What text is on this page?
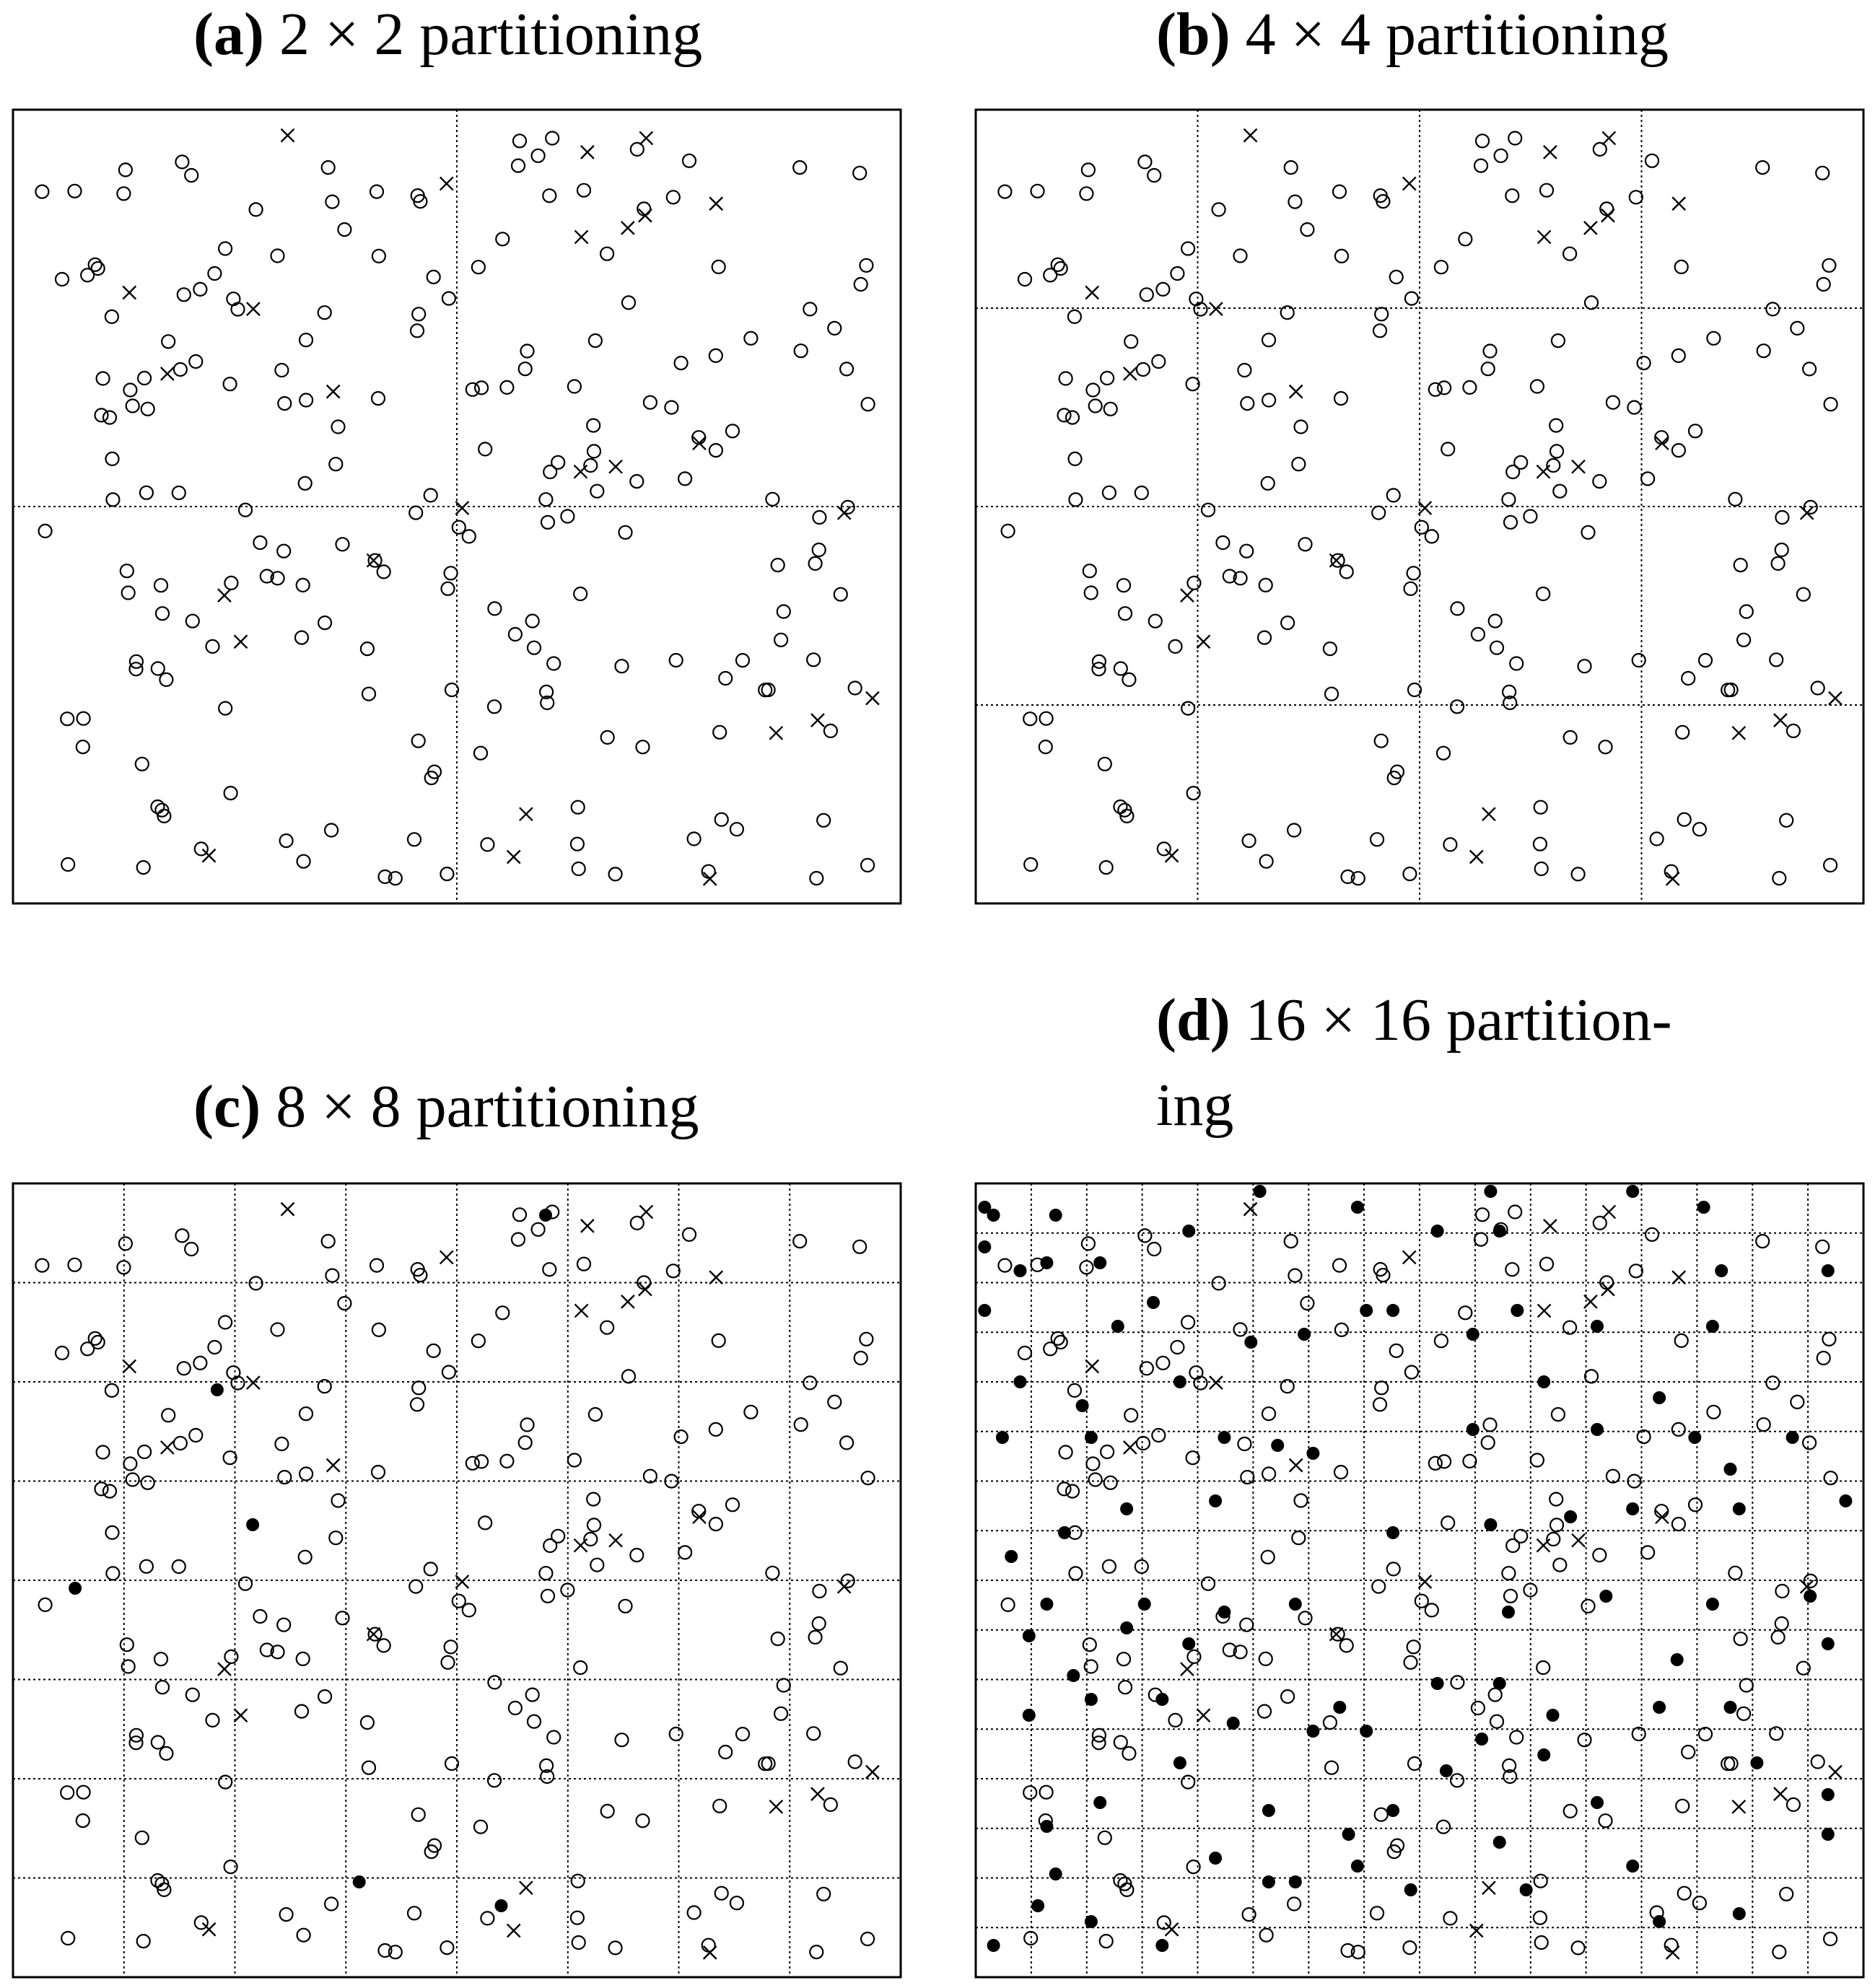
(a) 2 × 2 partitioning	(b) 4 × 4 partitioning
(c) 8 × 8 partitioning
(d) 16 × 16 partition-
ing
